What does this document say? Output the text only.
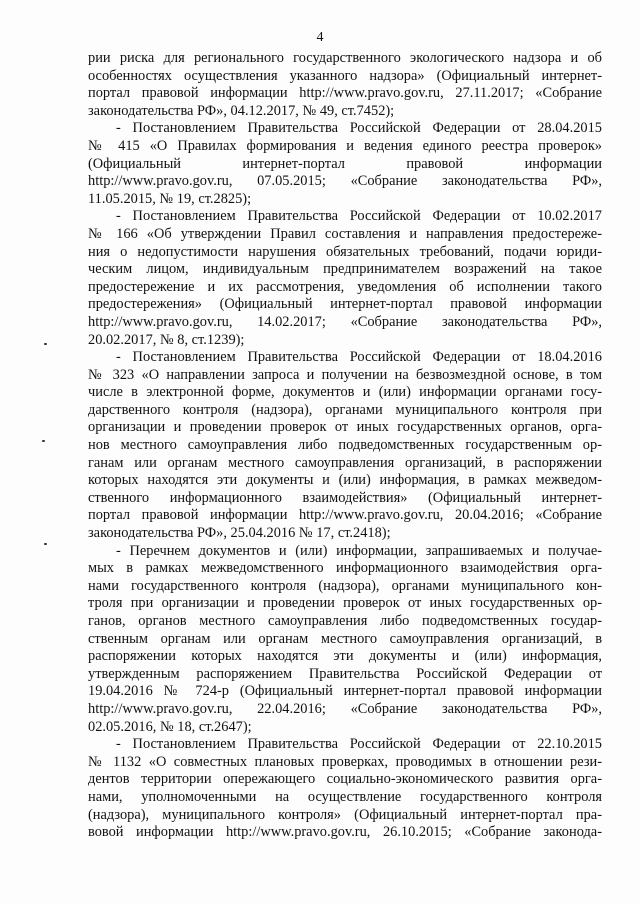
4
рии риска для регионального государственного экологического надзора и об
особенностях осуществления указанного надзора» (Официальный интернет-
портал правовой информации http://www.pravo.gov.ru, 27.11.2017; «Собрание
законодательства РФ», 04.12.2017, № 49, ст.7452);
- Постановлением Правительства Российской Федерации от 28.04.2015
№ 415 «О Правилах формирования и ведения единого реестра проверок»
(Официальный интернет-портал правовой информации
http://www.pravo.gov.ru, 07.05.2015; «Собрание законодательства РФ»,
11.05.2015, № 19, ст.2825);
- Постановлением Правительства Российской Федерации от 10.02.2017
№ 166 «Об утверждении Правил составления и направления предостереже-
ния о недопустимости нарушения обязательных требований, подачи юриди-
ческим лицом, индивидуальным предпринимателем возражений на такое
предостережение и их рассмотрения, уведомления об исполнении такого
предостережения» (Официальный интернет-портал правовой информации
http://www.pravo.gov.ru, 14.02.2017; «Собрание законодательства РФ»,
20.02.2017, № 8, ст.1239);
- Постановлением Правительства Российской Федерации от 18.04.2016
№ 323 «О направлении запроса и получении на безвозмездной основе, в том
числе в электронной форме, документов и (или) информации органами госу-
дарственного контроля (надзора), органами муниципального контроля при
организации и проведении проверок от иных государственных органов, орга-
нов местного самоуправления либо подведомственных государственным ор-
ганам или органам местного самоуправления организаций, в распоряжении
которых находятся эти документы и (или) информация, в рамках межведом-
ственного информационного взаимодействия» (Официальный интернет-
портал правовой информации http://www.pravo.gov.ru, 20.04.2016; «Собрание
законодательства РФ», 25.04.2016 № 17, ст.2418);
- Перечнем документов и (или) информации, запрашиваемых и получае-
мых в рамках межведомственного информационного взаимодействия орга-
нами государственного контроля (надзора), органами муниципального кон-
троля при организации и проведении проверок от иных государственных ор-
ганов, органов местного самоуправления либо подведомственных государ-
ственным органам или органам местного самоуправления организаций, в
распоряжении которых находятся эти документы и (или) информация,
утвержденным распоряжением Правительства Российской Федерации от
19.04.2016 № 724-р (Официальный интернет-портал правовой информации
http://www.pravo.gov.ru, 22.04.2016; «Собрание законодательства РФ»,
02.05.2016, № 18, ст.2647);
- Постановлением Правительства Российской Федерации от 22.10.2015
№ 1132 «О совместных плановых проверках, проводимых в отношении рези-
дентов территории опережающего социально-экономического развития орга-
нами, уполномоченными на осуществление государственного контроля
(надзора), муниципального контроля» (Официальный интернет-портал пра-
вовой информации http://www.pravo.gov.ru, 26.10.2015; «Собрание законода-
